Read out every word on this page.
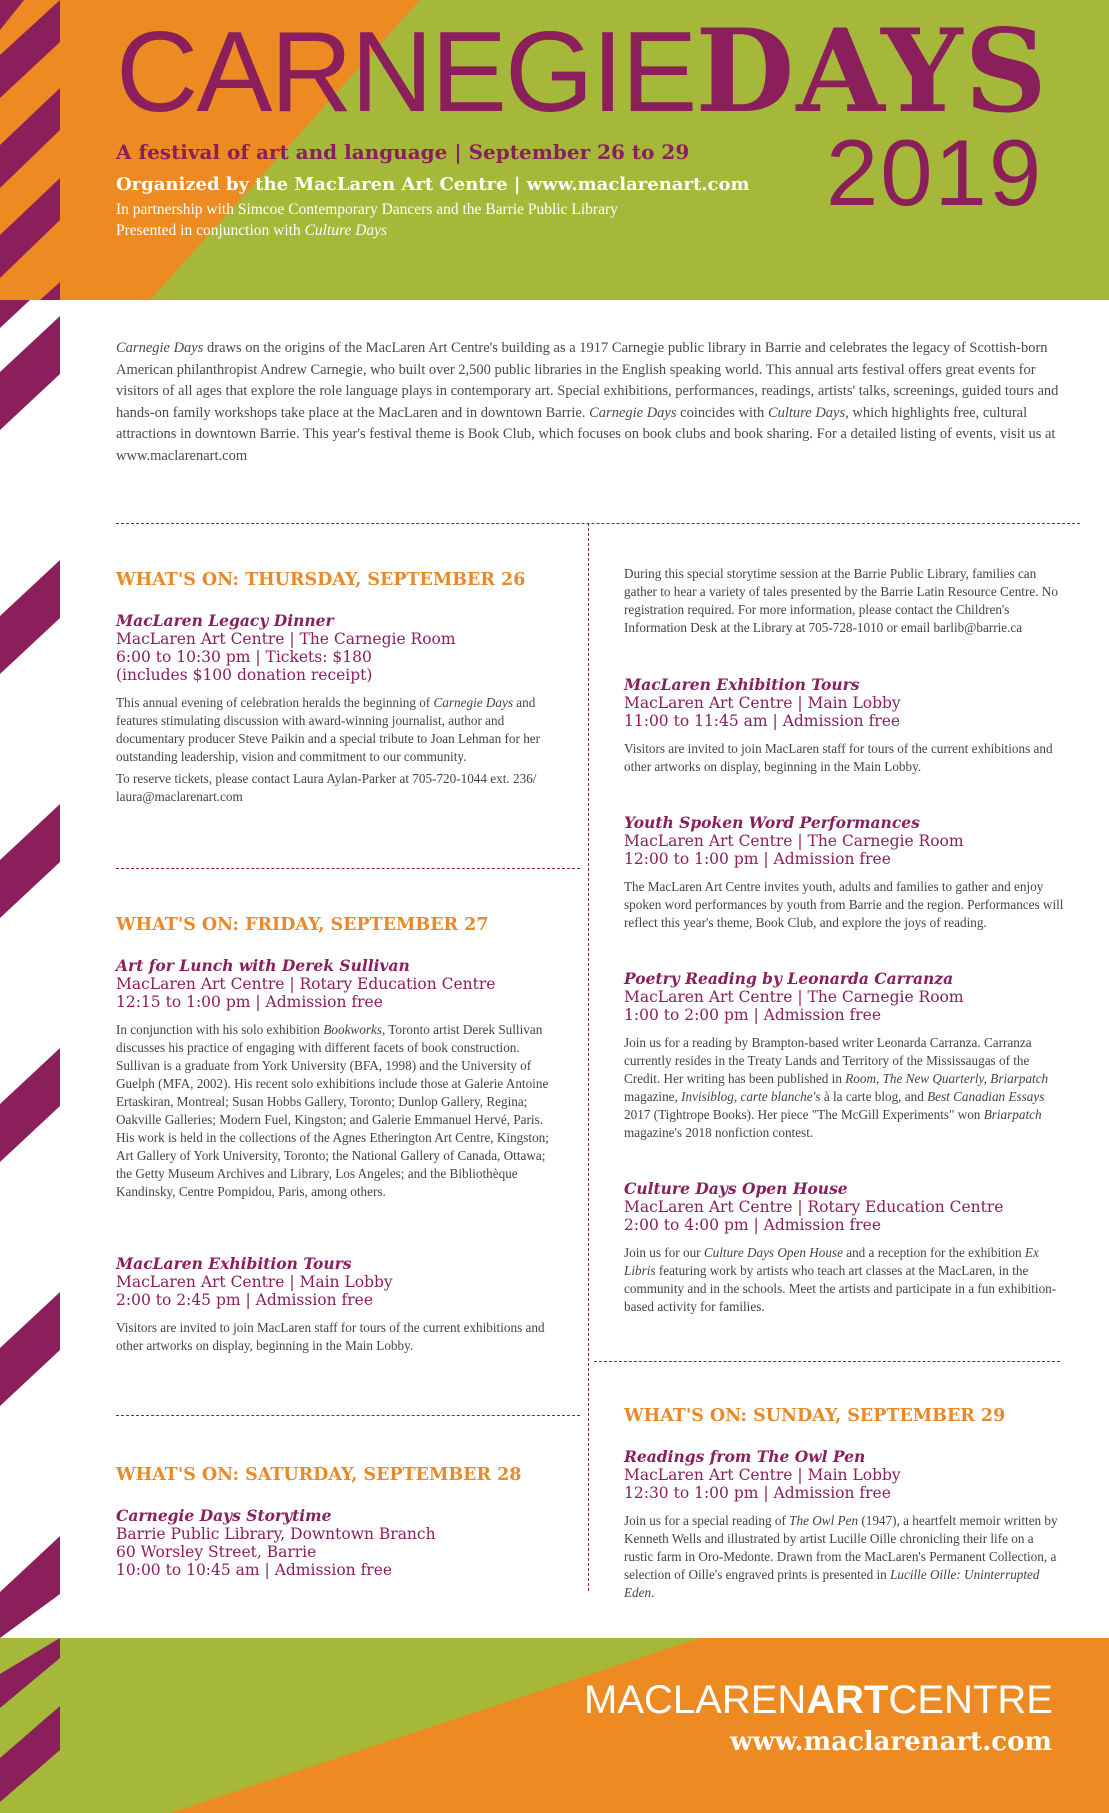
CARNEGIEDAYS
2019
A festival of art and language | September 26 to 29
Organized by the MacLaren Art Centre | www.maclarenart.com
In partnership with Simcoe Contemporary Dancers and the Barrie Public Library
Presented in conjunction with Culture Days
Carnegie Days draws on the origins of the MacLaren Art Centre's building as a 1917 Carnegie public library in Barrie and celebrates the legacy of Scottish-born American philanthropist Andrew Carnegie, who built over 2,500 public libraries in the English speaking world. This annual arts festival offers great events for visitors of all ages that explore the role language plays in contemporary art. Special exhibitions, performances, readings, artists' talks, screenings, guided tours and hands-on family workshops take place at the MacLaren and in downtown Barrie. Carnegie Days coincides with Culture Days, which highlights free, cultural attractions in downtown Barrie. This year's festival theme is Book Club, which focuses on book clubs and book sharing. For a detailed listing of events, visit us at www.maclarenart.com
WHAT'S ON: THURSDAY, SEPTEMBER 26
MacLaren Legacy Dinner
MacLaren Art Centre | The Carnegie Room
6:00 to 10:30 pm | Tickets: $180
(includes $100 donation receipt)
This annual evening of celebration heralds the beginning of Carnegie Days and features stimulating discussion with award-winning journalist, author and documentary producer Steve Paikin and a special tribute to Joan Lehman for her outstanding leadership, vision and commitment to our community.
To reserve tickets, please contact Laura Aylan-Parker at 705-720-1044 ext. 236/ laura@maclarenart.com
WHAT'S ON: FRIDAY, SEPTEMBER 27
Art for Lunch with Derek Sullivan
MacLaren Art Centre | Rotary Education Centre
12:15 to 1:00 pm | Admission free
In conjunction with his solo exhibition Bookworks, Toronto artist Derek Sullivan discusses his practice of engaging with different facets of book construction. Sullivan is a graduate from York University (BFA, 1998) and the University of Guelph (MFA, 2002). His recent solo exhibitions include those at Galerie Antoine Ertaskiran, Montreal; Susan Hobbs Gallery, Toronto; Dunlop Gallery, Regina; Oakville Galleries; Modern Fuel, Kingston; and Galerie Emmanuel Hervé, Paris. His work is held in the collections of the Agnes Etherington Art Centre, Kingston; Art Gallery of York University, Toronto; the National Gallery of Canada, Ottawa; the Getty Museum Archives and Library, Los Angeles; and the Bibliothèque Kandinsky, Centre Pompidou, Paris, among others.
MacLaren Exhibition Tours
MacLaren Art Centre | Main Lobby
2:00 to 2:45 pm | Admission free
Visitors are invited to join MacLaren staff for tours of the current exhibitions and other artworks on display, beginning in the Main Lobby.
WHAT'S ON: SATURDAY, SEPTEMBER 28
Carnegie Days Storytime
Barrie Public Library, Downtown Branch
60 Worsley Street, Barrie
10:00 to 10:45 am | Admission free
During this special storytime session at the Barrie Public Library, families can gather to hear a variety of tales presented by the Barrie Latin Resource Centre. No registration required. For more information, please contact the Children's Information Desk at the Library at 705-728-1010 or email barlib@barrie.ca
MacLaren Exhibition Tours
MacLaren Art Centre | Main Lobby
11:00 to 11:45 am | Admission free
Visitors are invited to join MacLaren staff for tours of the current exhibitions and other artworks on display, beginning in the Main Lobby.
Youth Spoken Word Performances
MacLaren Art Centre | The Carnegie Room
12:00 to 1:00 pm | Admission free
The MacLaren Art Centre invites youth, adults and families to gather and enjoy spoken word performances by youth from Barrie and the region. Performances will reflect this year's theme, Book Club, and explore the joys of reading.
Poetry Reading by Leonarda Carranza
MacLaren Art Centre | The Carnegie Room
1:00 to 2:00 pm | Admission free
Join us for a reading by Brampton-based writer Leonarda Carranza. Carranza currently resides in the Treaty Lands and Territory of the Mississaugas of the Credit. Her writing has been published in Room, The New Quarterly, Briarpatch magazine, Invisiblog, carte blanche's à la carte blog, and Best Canadian Essays 2017 (Tightrope Books). Her piece "The McGill Experiments" won Briarpatch magazine's 2018 nonfiction contest.
Culture Days Open House
MacLaren Art Centre | Rotary Education Centre
2:00 to 4:00 pm | Admission free
Join us for our Culture Days Open House and a reception for the exhibition Ex Libris featuring work by artists who teach art classes at the MacLaren, in the community and in the schools. Meet the artists and participate in a fun exhibition-based activity for families.
WHAT'S ON: SUNDAY, SEPTEMBER 29
Readings from The Owl Pen
MacLaren Art Centre | Main Lobby
12:30 to 1:00 pm | Admission free
Join us for a special reading of The Owl Pen (1947), a heartfelt memoir written by Kenneth Wells and illustrated by artist Lucille Oille chronicling their life on a rustic farm in Oro-Medonte. Drawn from the MacLaren's Permanent Collection, a selection of Oille's engraved prints is presented in Lucille Oille: Uninterrupted Eden.
MACLARENARTCENTRE
www.maclarenart.com
